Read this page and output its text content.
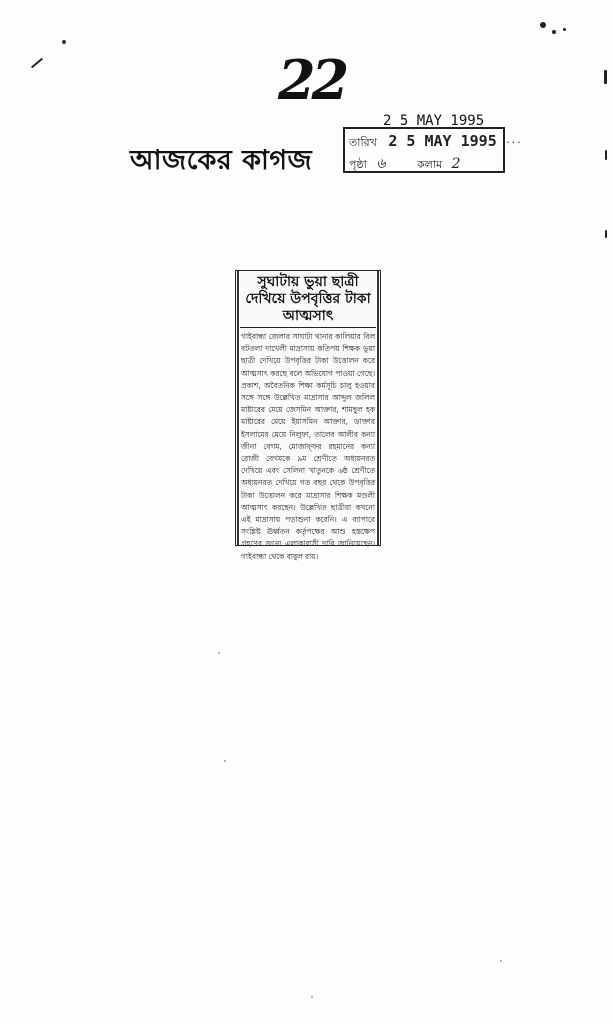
22
2 5 MAY 1995
তারিখ 2 5 MAY 1995 ···
পৃষ্ঠা ৬	কলাম 2
আজকের কাগজ
সুঘাটায় ভুয়া ছাত্রী দেখিয়ে উপবৃত্তির টাকা আত্মসাৎ
গাইবান্ধা জেলার সাঘাটা থানার কালিয়ার বিল বটতলা দাখেলী মাদ্রাসায় কতিপয় শিক্ষক ভুয়া ছাত্রী দেখিয়ে উপবৃত্তির টাকা উত্তোলন করে আত্মসাৎ করছে বলে অভিযোগ পাওয়া গেছে। প্রকাশ, অবৈতনিক শিক্ষা কর্মসূচি চালু হওয়ার সঙ্গে সঙ্গে উল্লেখিত মাদ্রাসার আব্দুল জলিল মাষ্টারের মেয়ে জেসমিন আক্তার, শামছুল হক মাষ্টারের মেয়ে ইয়াসমিন আক্তার, ডাক্তার ইসলামের মেয়ে নিলুফা, তালেব আলীর কন্যা জীনা বেগম, মোজাফ্ফর রহমানের কন্যা রোজী বেগমকে ৯ম শ্রেণীতে অধ্যয়নরত দেখিয়ে এবং সেলিনা খাতুনকে ৬ষ্ঠ শ্রেণীতে অধ্যয়নরত দেখিয়ে গত বছর থেকে উপবৃত্তির টাকা উত্তোলন করে মাদ্রাসার শিক্ষক মণ্ডলী আত্মসাৎ করছেন। উল্লেখিত ছাত্রীরা কখনো এই মাদ্রাসায় পড়াশুনা করেনি। এ ব্যাপারে সংশ্লিষ্ট ঊর্ধ্বতন কর্তৃপক্ষের আশু হস্তক্ষেপ গ্রহণের জন্যে এলাকাবাসী দাবি জানিয়েছেন। গাইবান্ধা থেকে বাবুল রায়।
